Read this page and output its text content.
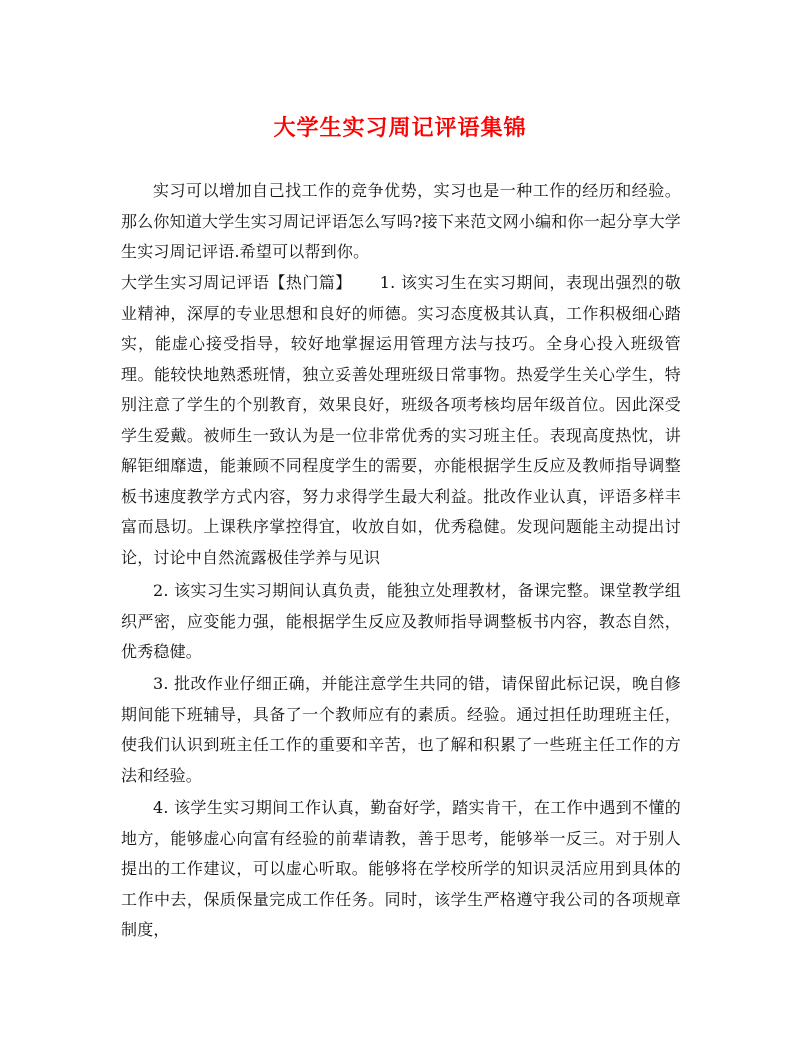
大学生实习周记评语集锦
实习可以增加自己找工作的竞争优势，实习也是一种工作的经历和经验。那么你知道大学生实习周记评语怎么写吗?接下来范文网小编和你一起分享大学生实习周记评语.希望可以帮到你。
大学生实习周记评语【热门篇】 1. 该实习生在实习期间，表现出强烈的敬业精神，深厚的专业思想和良好的师德。实习态度极其认真，工作积极细心踏实，能虚心接受指导，较好地掌握运用管理方法与技巧。全身心投入班级管理。能较快地熟悉班情，独立妥善处理班级日常事物。热爱学生关心学生，特别注意了学生的个别教育，效果良好，班级各项考核均居年级首位。因此深受学生爱戴。被师生一致认为是一位非常优秀的实习班主任。表现高度热忱，讲解钜细靡遗，能兼顾不同程度学生的需要，亦能根据学生反应及教师指导调整板书速度教学方式内容，努力求得学生最大利益。批改作业认真，评语多样丰富而恳切。上课秩序掌控得宜，收放自如，优秀稳健。发现问题能主动提出讨论，讨论中自然流露极佳学养与见识
2. 该实习生实习期间认真负责，能独立处理教材，备课完整。课堂教学组织严密，应变能力强，能根据学生反应及教师指导调整板书内容，教态自然，优秀稳健。
3. 批改作业仔细正确，并能注意学生共同的错，请保留此标记误，晚自修期间能下班辅导，具备了一个教师应有的素质。经验。通过担任助理班主任，使我们认识到班主任工作的重要和辛苦，也了解和积累了一些班主任工作的方法和经验。
4. 该学生实习期间工作认真，勤奋好学，踏实肯干，在工作中遇到不懂的地方，能够虚心向富有经验的前辈请教，善于思考，能够举一反三。对于别人提出的工作建议，可以虚心听取。能够将在学校所学的知识灵活应用到具体的工作中去，保质保量完成工作任务。同时，该学生严格遵守我公司的各项规章制度，
